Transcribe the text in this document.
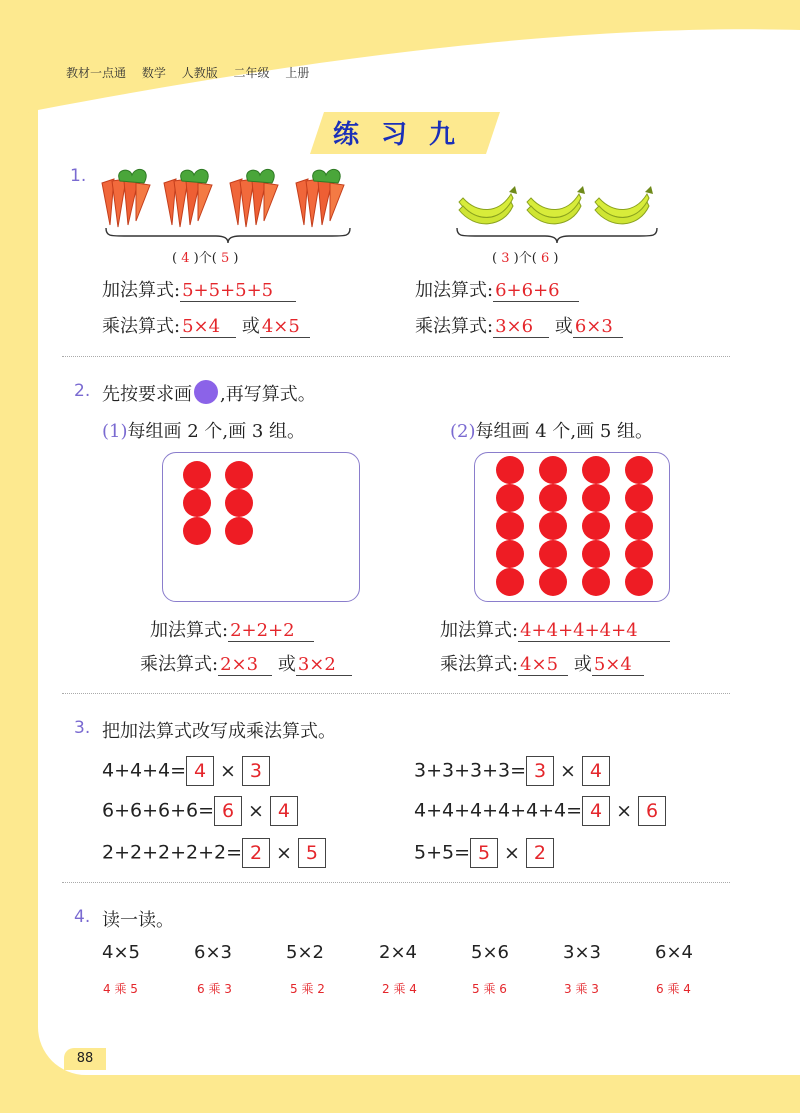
教材一点通 数学 人教版 二年级 上册
练习九
1.
( 4 )个( 5 )	( 3 )个( 6 )
加法算式: 5+5+5+5
乘法算式: 5×4 或 4×5
加法算式: 6+6+6
乘法算式: 3×6 或 6×3
2. 先按要求画 ,再写算式。
(1)每组画 2 个,画 3 组。	(2)每组画 4 个,画 5 组。
加法算式: 2+2+2
乘法算式: 2×3 或 3×2
加法算式: 4+4+4+4+4
乘法算式: 4×5 或 5×4
3. 把加法算式改写成乘法算式。
4+4+4= 4 × 3	3+3+3+3= 3 × 4
6+6+6+6= 6 × 4	4+4+4+4+4+4= 4 × 6
2+2+2+2+2= 2 × 5	5+5= 5 × 2
4. 读一读。
4×5	6×3	5×2	2×4	5×6	3×3	6×4
4 乘 5	6 乘 3	5 乘 2	2 乘 4	5 乘 6	3 乘 3	6 乘 4
88
